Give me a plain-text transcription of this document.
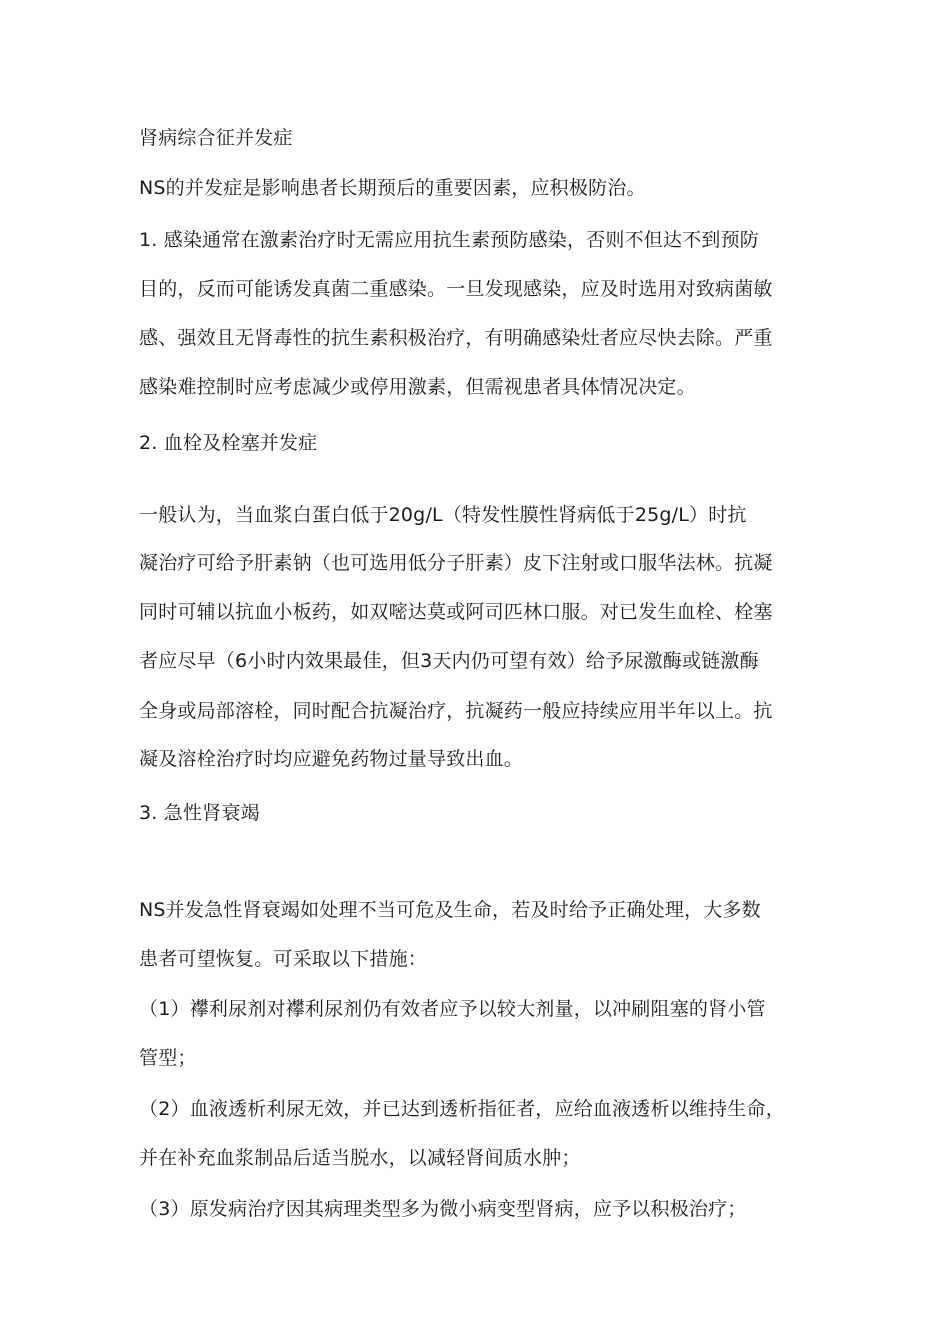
肾病综合征并发症
NS的并发症是影响患者长期预后的重要因素，应积极防治。
1. 感染通常在激素治疗时无需应用抗生素预防感染，否则不但达不到预防
目的，反而可能诱发真菌二重感染。一旦发现感染，应及时选用对致病菌敏
感、强效且无肾毒性的抗生素积极治疗，有明确感染灶者应尽快去除。严重
感染难控制时应考虑减少或停用激素，但需视患者具体情况决定。
2. 血栓及栓塞并发症
一般认为，当血浆白蛋白低于20g/L（特发性膜性肾病低于25g/L）时抗
凝治疗可给予肝素钠（也可选用低分子肝素）皮下注射或口服华法林。抗凝
同时可辅以抗血小板药，如双嘧达莫或阿司匹林口服。对已发生血栓、栓塞
者应尽早（6小时内效果最佳，但3天内仍可望有效）给予尿激酶或链激酶
全身或局部溶栓，同时配合抗凝治疗，抗凝药一般应持续应用半年以上。抗
凝及溶栓治疗时均应避免药物过量导致出血。
3. 急性肾衰竭
NS并发急性肾衰竭如处理不当可危及生命，若及时给予正确处理，大多数
患者可望恢复。可采取以下措施：
（1）襻利尿剂对襻利尿剂仍有效者应予以较大剂量，以冲刷阻塞的肾小管
管型；
（2）血液透析利尿无效，并已达到透析指征者，应给血液透析以维持生命，
并在补充血浆制品后适当脱水，以减轻肾间质水肿；
（3）原发病治疗因其病理类型多为微小病变型肾病，应予以积极治疗；
